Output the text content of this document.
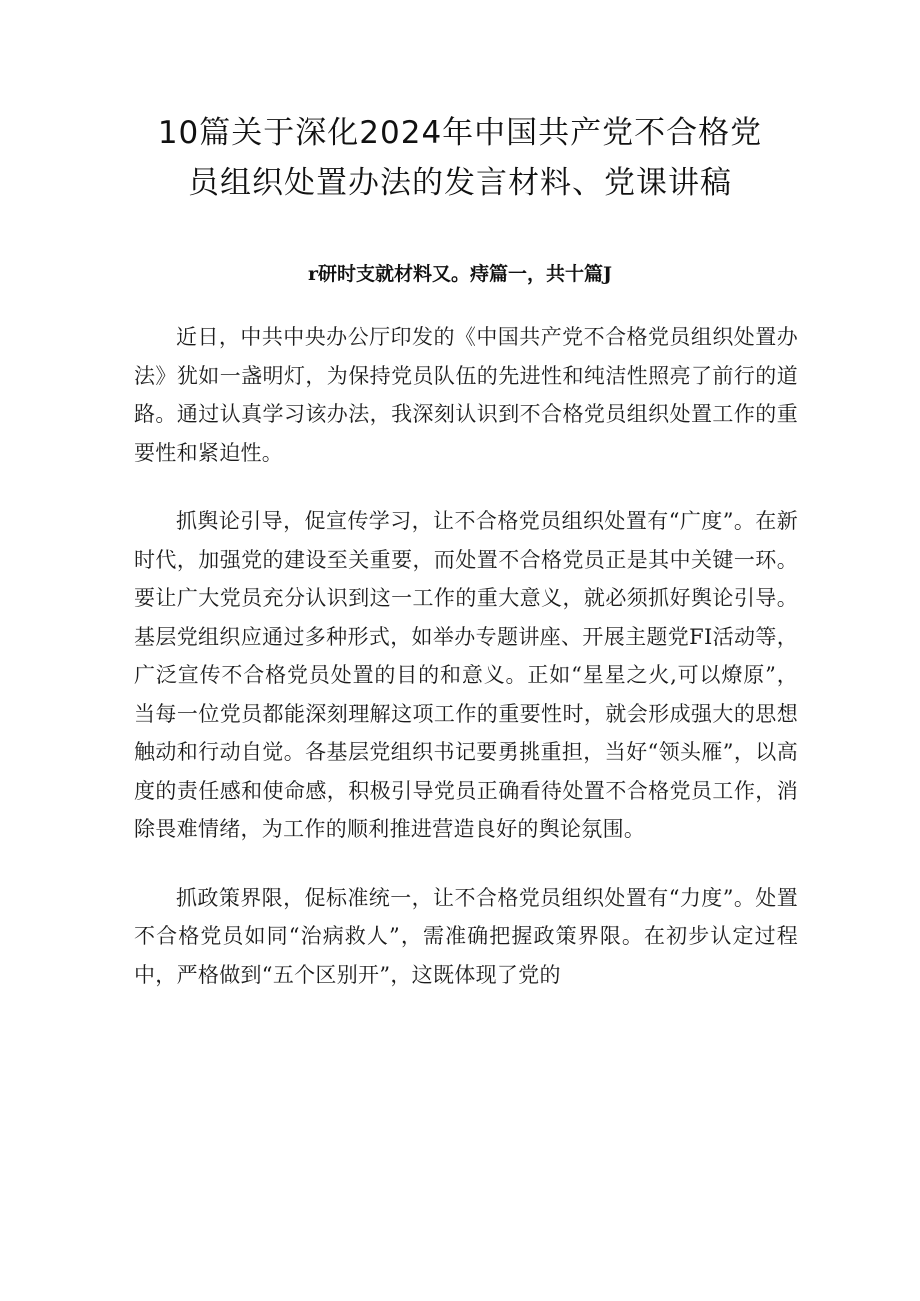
10篇关于深化2024年中国共产党不合格党
员组织处置办法的发言材料、党课讲稿
r研时支就材料又。痔篇一，共十篇J

近日，中共中央办公厅印发的《中国共产党不合格党员组织处置办法》犹如一盏明灯，为保持党员队伍的先进性和纯洁性照亮了前行的道路。通过认真学习该办法，我深刻认识到不合格党员组织处置工作的重要性和紧迫性。

抓舆论引导，促宣传学习，让不合格党员组织处置有“广度”。在新时代，加强党的建设至关重要，而处置不合格党员正是其中关键一环。要让广大党员充分认识到这一工作的重大意义，就必须抓好舆论引导。基层党组织应通过多种形式，如举办专题讲座、开展主题党FI活动等，广泛宣传不合格党员处置的目的和意义。正如“星星之火,可以燎原”，当每一位党员都能深刻理解这项工作的重要性时，就会形成强大的思想触动和行动自觉。各基层党组织书记要勇挑重担，当好“领头雁”，以高度的责任感和使命感，积极引导党员正确看待处置不合格党员工作，消除畏难情绪，为工作的顺利推进营造良好的舆论氛围。

抓政策界限，促标准统一，让不合格党员组织处置有“力度”。处置不合格党员如同“治病救人”，需准确把握政策界限。在初步认定过程中，严格做到“五个区别开”，这既体现了党的
